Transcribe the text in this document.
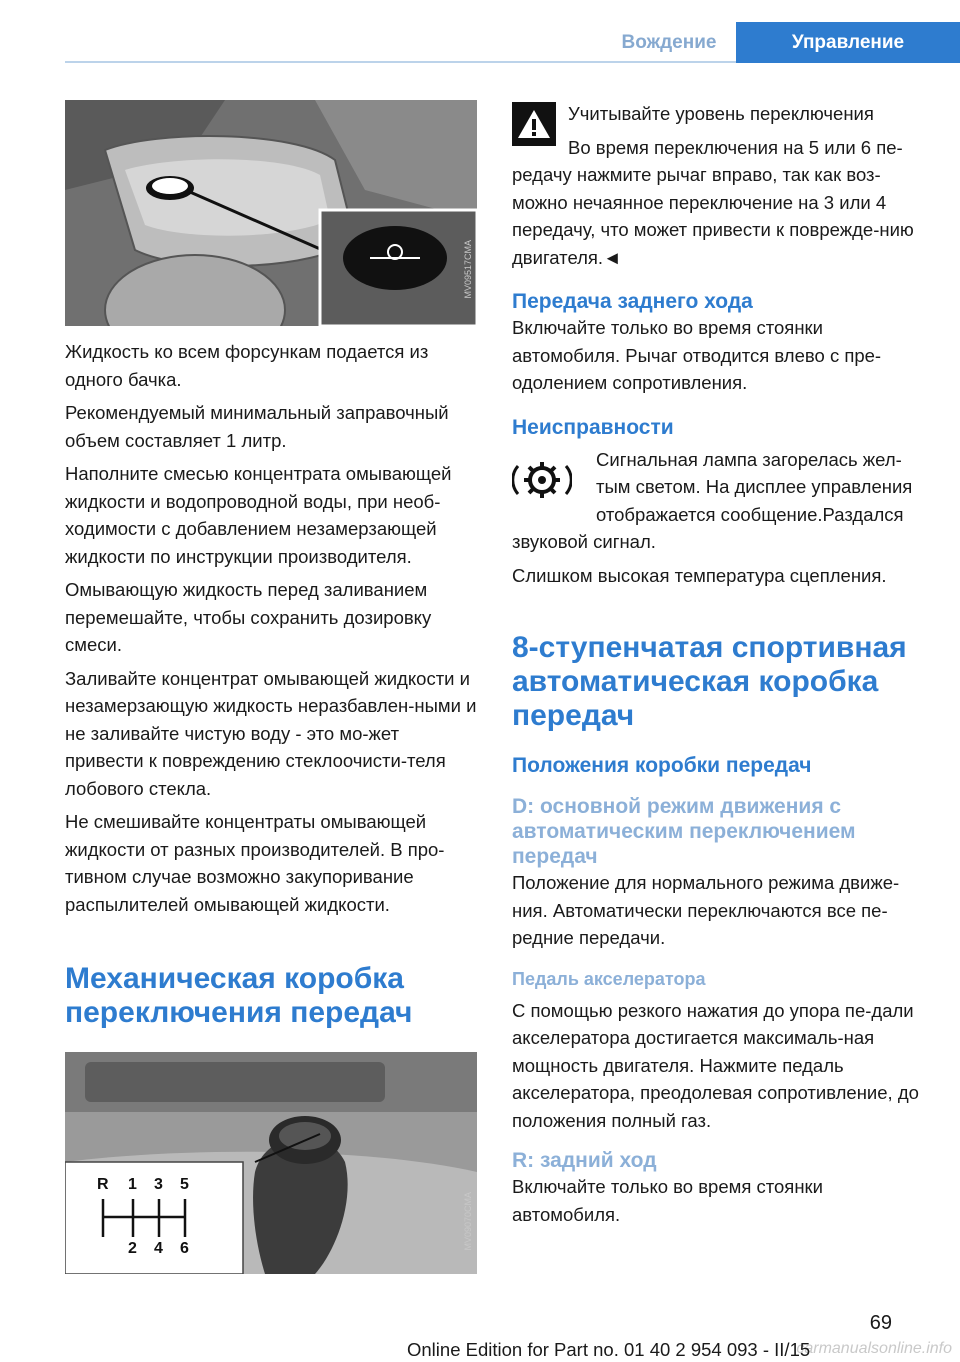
Вождение	Управление
MV09517CMA

Жидкость ко всем форсункам подается из одного бачка.

Рекомендуемый минимальный заправочный объем составляет 1 литр.

Наполните смесью концентрата омывающей жидкости и водопроводной воды, при необ-ходимости с добавлением незамерзающей жидкости по инструкции производителя.

Омывающую жидкость перед заливанием перемешайте, чтобы сохранить дозировку смеси.

Заливайте концентрат омывающей жидкости и незамерзающую жидкость неразбавлен-ными и не заливайте чистую воду - это мо-жет привести к повреждению стеклоочисти-теля лобового стекла.

Не смешивайте концентраты омывающей жидкости от разных производителей. В про-тивном случае возможно закупоривание распылителей омывающей жидкости.

Механическая коробка переключения передач
R 1 3 5
2 4 6	MV09070CMA

Учитывайте уровень переключения

Во время переключения на 5 или 6 пе-редачу нажмите рычаг вправо, так как воз-можно нечаянное переключение на 3 или 4 передачу, что может привести к поврежде-нию двигателя.◄

Передача заднего хода

Включайте только во время стоянки автомобиля. Рычаг отводится влево с пре-одолением сопротивления.

Неисправности

Сигнальная лампа загорелась жел-тым светом. На дисплее управления отображается сообщение.Раздался

звуковой сигнал.

Слишком высокая температура сцепления.

8-ступенчатая спортивная автоматическая коробка передач
Положения коробки передач
D: основной режим движения с автоматическим переключением передач

Положение для нормального режима движе-ния. Автоматически переключаются все пе-редние передачи.

Педаль акселератора

С помощью резкого нажатия до упора пе-дали акселератора достигается максималь-ная мощность двигателя. Нажмите педаль акселератора, преодолевая сопротивление, до положения полный газ.

R: задний ход

Включайте только во время стоянки автомобиля.

69
carmanualsonline.info
Online Edition for Part no. 01 40 2 954 093 - II/15
